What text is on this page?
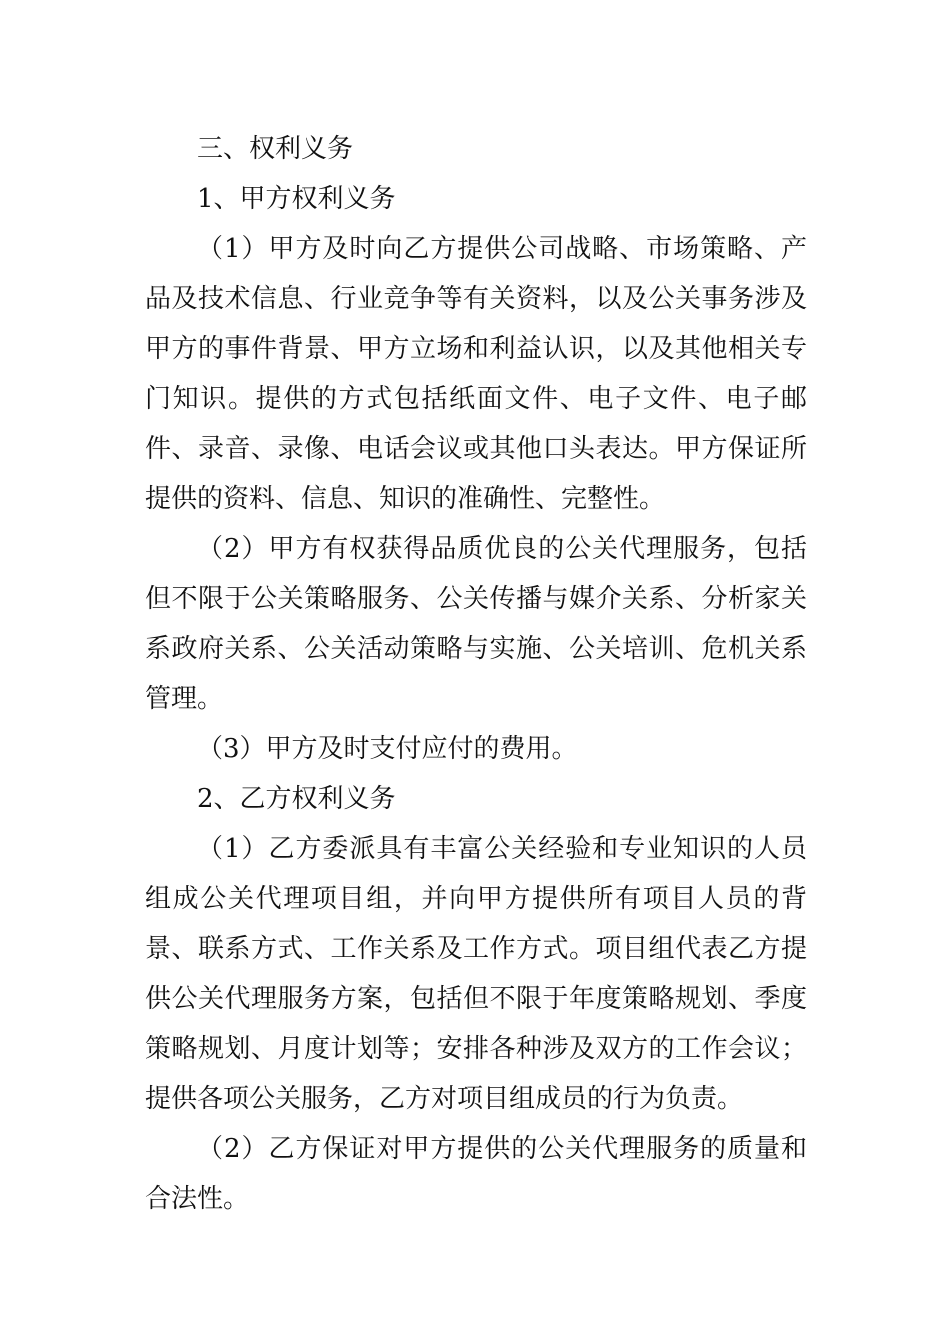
三、权利义务

1、甲方权利义务

（1）甲方及时向乙方提供公司战略、市场策略、产品及技术信息、行业竞争等有关资料，以及公关事务涉及甲方的事件背景、甲方立场和利益认识，以及其他相关专门知识。提供的方式包括纸面文件、电子文件、电子邮件、录音、录像、电话会议或其他口头表达。甲方保证所提供的资料、信息、知识的准确性、完整性。

（2）甲方有权获得品质优良的公关代理服务，包括但不限于公关策略服务、公关传播与媒介关系、分析家关系政府关系、公关活动策略与实施、公关培训、危机关系管理。

（3）甲方及时支付应付的费用。

2、乙方权利义务

（1）乙方委派具有丰富公关经验和专业知识的人员组成公关代理项目组，并向甲方提供所有项目人员的背景、联系方式、工作关系及工作方式。项目组代表乙方提供公关代理服务方案，包括但不限于年度策略规划、季度策略规划、月度计划等；安排各种涉及双方的工作会议；提供各项公关服务，乙方对项目组成员的行为负责。

（2）乙方保证对甲方提供的公关代理服务的质量和合法性。
